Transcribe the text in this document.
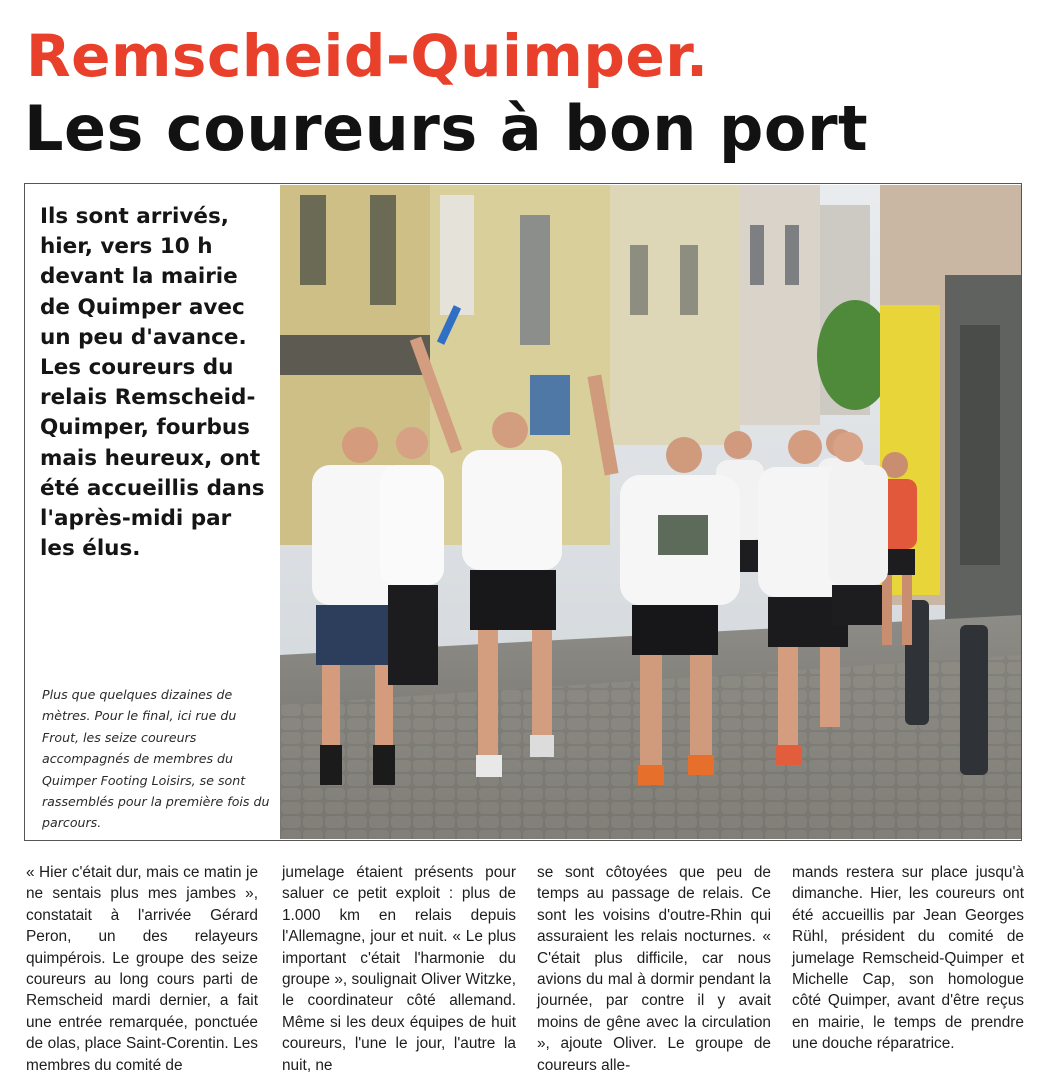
Remscheid-Quimper.
Les coureurs à bon port

Ils sont arrivés, hier, vers 10 h devant la mairie de Quimper avec un peu d'avance. Les coureurs du relais Remscheid-Quimper, fourbus mais heureux, ont été accueillis dans l'après-midi par les élus.

Plus que quelques dizaines de mètres. Pour le final, ici rue du Frout, les seize coureurs accompagnés de membres du Quimper Footing Loisirs, se sont rassemblés pour la première fois du parcours.

« Hier c'était dur, mais ce matin je ne sentais plus mes jambes », constatait à l'arrivée Gérard Peron, un des relayeurs quimpérois. Le groupe des seize coureurs au long cours parti de Remscheid mardi dernier, a fait une entrée remarquée, ponctuée de olas, place Saint-Corentin. Les membres du comité de

jumelage étaient présents pour saluer ce petit exploit : plus de 1.000 km en relais depuis l'Allemagne, jour et nuit. « Le plus important c'était l'harmonie du groupe », soulignait Oliver Witzke, le coordinateur côté allemand. Même si les deux équipes de huit coureurs, l'une le jour, l'autre la nuit, ne

se sont côtoyées que peu de temps au passage de relais. Ce sont les voisins d'outre-Rhin qui assuraient les relais nocturnes. « C'était plus difficile, car nous avions du mal à dormir pendant la journée, par contre il y avait moins de gêne avec la circulation », ajoute Oliver. Le groupe de coureurs alle-

mands restera sur place jusqu'à dimanche. Hier, les coureurs ont été accueillis par Jean Georges Rühl, président du comité de jumelage Remscheid-Quimper et Michelle Cap, son homologue côté Quimper, avant d'être reçus en mairie, le temps de prendre une douche réparatrice.
